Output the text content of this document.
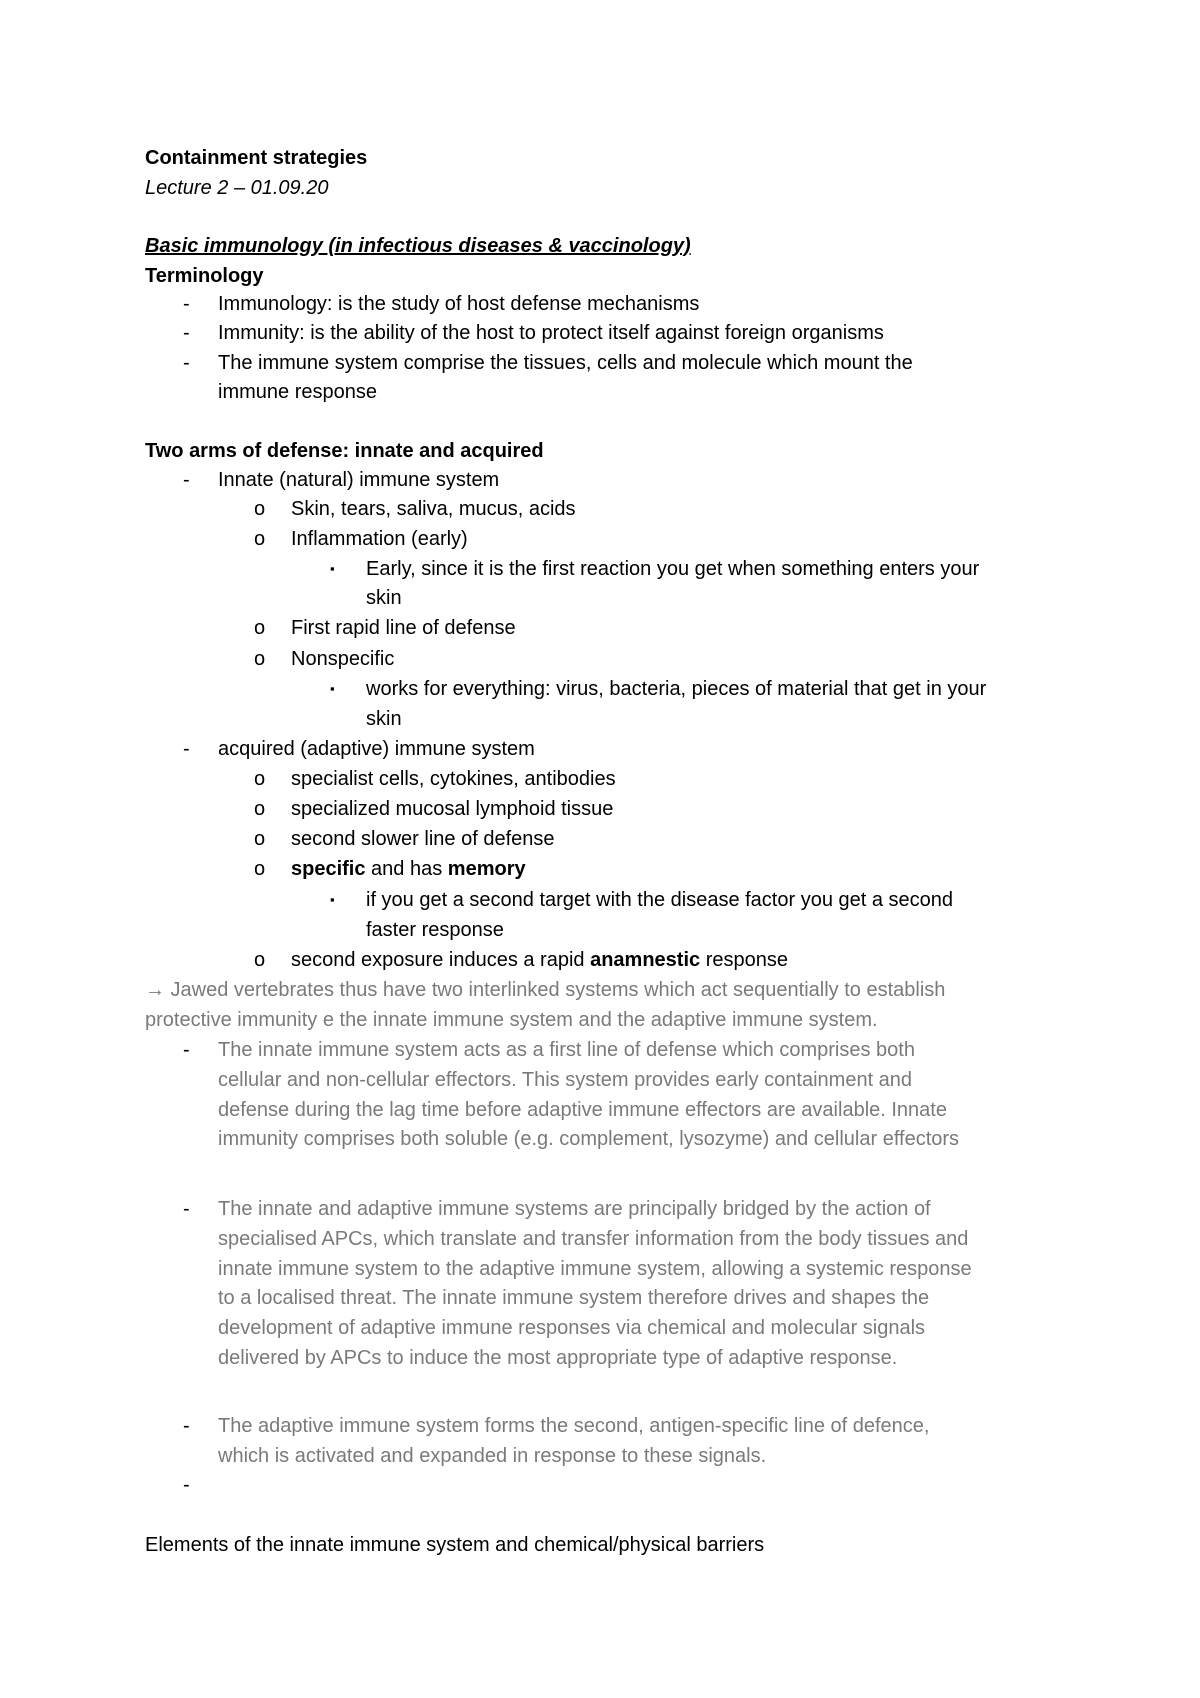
Containment strategies
Lecture 2 – 01.09.20
Basic immunology (in infectious diseases & vaccinology)
Terminology
- Immunology: is the study of host defense mechanisms
- Immunity: is the ability of the host to protect itself against foreign organisms
- The immune system comprise the tissues, cells and molecule which mount the
immune response
Two arms of defense: innate and acquired
- Innate (natural) immune system
o Skin, tears, saliva, mucus, acids
o Inflammation (early)
▪ Early, since it is the first reaction you get when something enters your
skin
o First rapid line of defense
o Nonspecific
▪ works for everything: virus, bacteria, pieces of material that get in your
skin
- acquired (adaptive) immune system
o specialist cells, cytokines, antibodies
o specialized mucosal lymphoid tissue
o second slower line of defense
o specific and has memory
▪ if you get a second target with the disease factor you get a second
faster response
o second exposure induces a rapid anamnestic response
→ Jawed vertebrates thus have two interlinked systems which act sequentially to establish
protective immunity e the innate immune system and the adaptive immune system.
- The innate immune system acts as a first line of defense which comprises both
cellular and non-cellular effectors. This system provides early containment and
defense during the lag time before adaptive immune effectors are available. Innate
immunity comprises both soluble (e.g. complement, lysozyme) and cellular effectors
- The innate and adaptive immune systems are principally bridged by the action of
specialised APCs, which translate and transfer information from the body tissues and
innate immune system to the adaptive immune system, allowing a systemic response
to a localised threat. The innate immune system therefore drives and shapes the
development of adaptive immune responses via chemical and molecular signals
delivered by APCs to induce the most appropriate type of adaptive response.
- The adaptive immune system forms the second, antigen-specific line of defence,
which is activated and expanded in response to these signals.
-
Elements of the innate immune system and chemical/physical barriers
